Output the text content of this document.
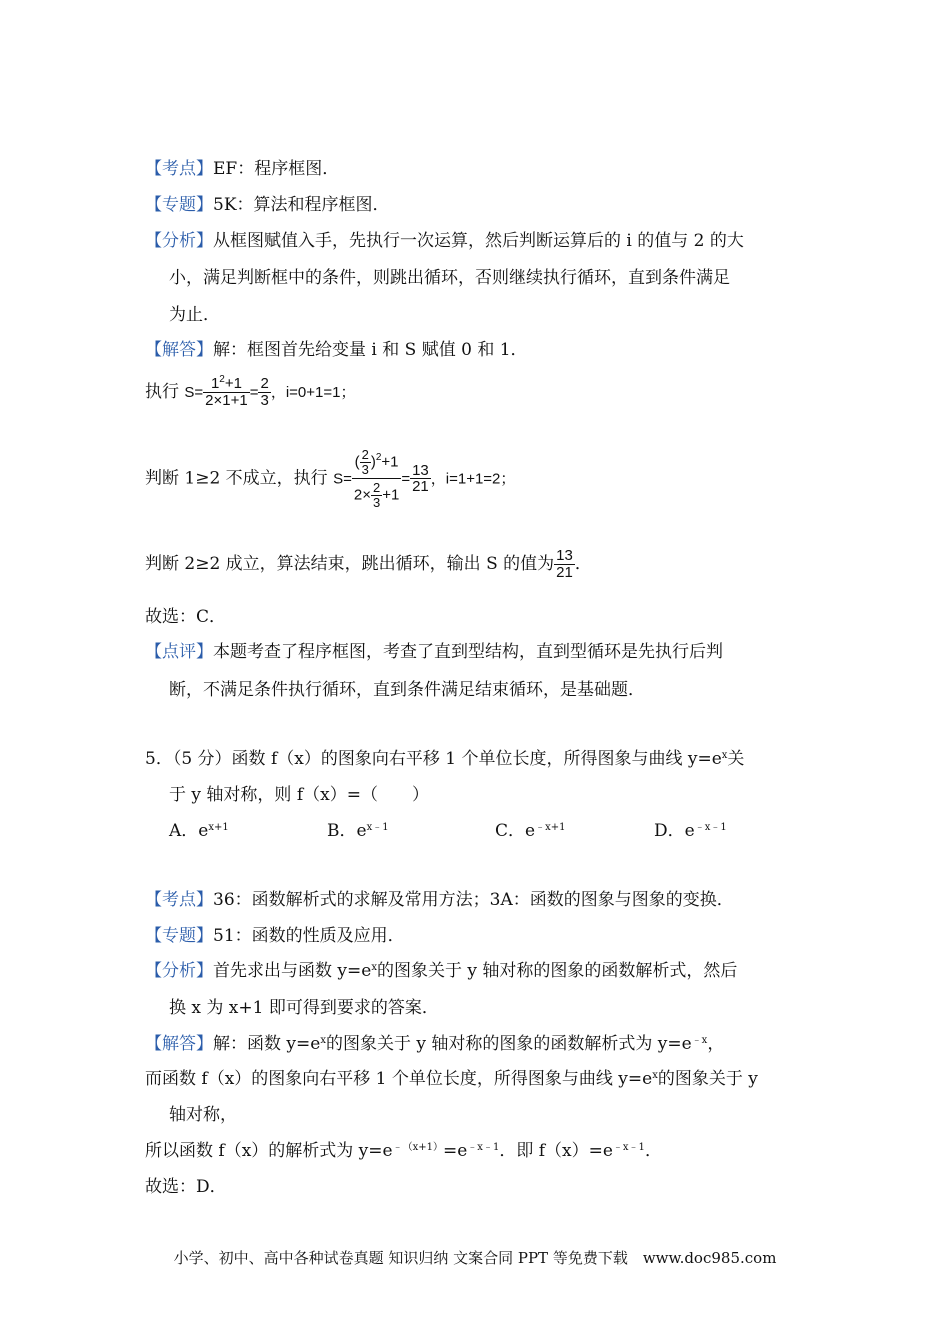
【考点】EF：程序框图．
【专题】5K：算法和程序框图．
【分析】从框图赋值入手，先执行一次运算，然后判断运算后的 i 的值与 2 的大
小，满足判断框中的条件，则跳出循环，否则继续执行循环，直到条件满足
为止．
【解答】解：框图首先给变量 i 和 S 赋值 0 和 1．
执行 $S= \frac{1^2+1}{2\times 1+1} = \frac{2}{3}$ ，i=0+1=1；
判断 1≥2 不成立，执行 $S= \frac{( \frac{2}{3} )^2+1}{2\times \frac{2}{3} +1} = \frac{13}{21}$ ，i=1+1=2；
判断 2≥2 成立，算法结束，跳出循环，输出 S 的值为 $\frac{13}{21}$ ．
故选：C．
【点评】本题考查了程序框图，考查了直到型结构，直到型循环是先执行后判
断，不满足条件执行循环，直到条件满足结束循环，是基础题．
5．（5 分）函数 f（x）的图象向右平移 1 个单位长度，所得图象与曲线 $y=e^x$关
于 y 轴对称，则 f（x）=（　　）
A．$e^{x+1}$	B．$e^{x﹣1}$	C．$e^{﹣x+1}$	D．$e^{﹣x﹣1}$
【考点】36：函数解析式的求解及常用方法；3A：函数的图象与图象的变换．
【专题】51：函数的性质及应用．
【分析】首先求出与函数 $y=e^x$的图象关于 y 轴对称的图象的函数解析式，然后
换 x 为 x+1 即可得到要求的答案．
【解答】解：函数 $y=e^x$的图象关于 y 轴对称的图象的函数解析式为 $y=e^{﹣x}$，
而函数 f（x）的图象向右平移 1 个单位长度，所得图象与曲线 $y=e^x$的图象关于 y
轴对称，
所以函数 f（x）的解析式为 $y=e^{﹣(x+1)}=e^{﹣x﹣1}$．即 $f(x)=e^{﹣x﹣1}$．
故选：D．
小学、初中、高中各种试卷真题 知识归纳 文案合同 PPT 等免费下载　www.doc985.com
